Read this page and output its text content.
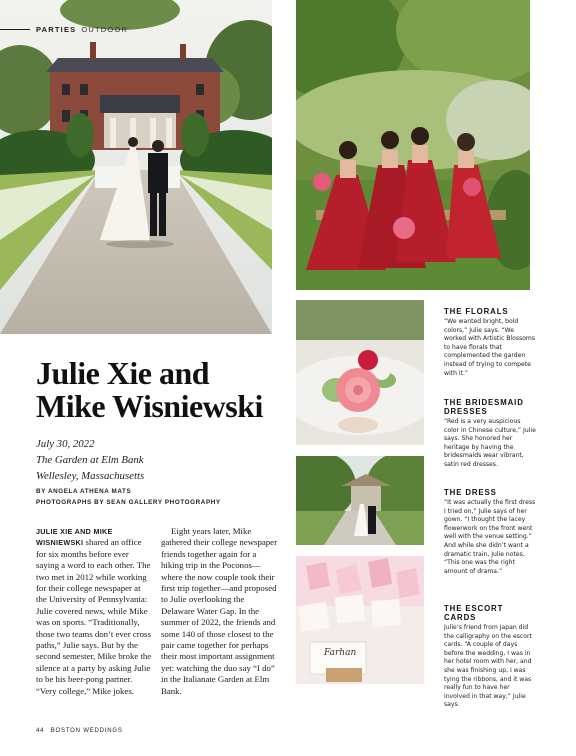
PARTIES OUTDOOR
Farhan
Julie Xie and
Mike Wisniewski
July 30, 2022
The Garden at Elm Bank
Wellesley, Massachusetts
BY ANGELA ATHENA MATS
PHOTOGRAPHS BY SEAN GALLERY PHOTOGRAPHY
JULIE XIE AND MIKE WISNIEWSKI shared an office for six months before ever saying a word to each other. The two met in 2012 while working for their college newspaper at the University of Pennsylvania: Julie covered news, while Mike was on sports. “Traditionally, those two teams don’t ever cross paths,” Julie says. But by the second semester, Mike broke the silence at a party by asking Julie to be his beer-pong partner. “Very college,” Mike jokes.
Eight years later, Mike gathered their college newspaper friends together again for a hiking trip in the Poconos—where the now couple took their first trip together—and proposed to Julie overlooking the Delaware Water Gap. In the summer of 2022, the friends and some 140 of those closest to the pair came together for perhaps their most important assignment yet: watching the duo say “I do” in the Italianate Garden at Elm Bank.
THE FLORALS
“We wanted bright, bold colors,” Julie says. “We worked with Artistic Blossoms to have florals that complemented the garden instead of trying to compete with it.”
THE BRIDESMAID
DRESSES
“Red is a very auspicious color in Chinese culture,” Julie says. She honored her heritage by having the bridesmaids wear vibrant, satin red dresses.
THE DRESS
“It was actually the first dress I tried on,” Julie says of her gown. “I thought the lacey flowerwork on the front went well with the venue setting.” And while she didn’t want a dramatic train, Julie notes, “This one was the right amount of drama.”
THE ESCORT
CARDS
Julie’s friend from Japan did the calligraphy on the escort cards. “A couple of days before the wedding, I was in her hotel room with her, and she was finishing up, I was tying the ribbons, and it was really fun to have her involved in that way,” Julie says.
44 BOSTON WEDDINGS
